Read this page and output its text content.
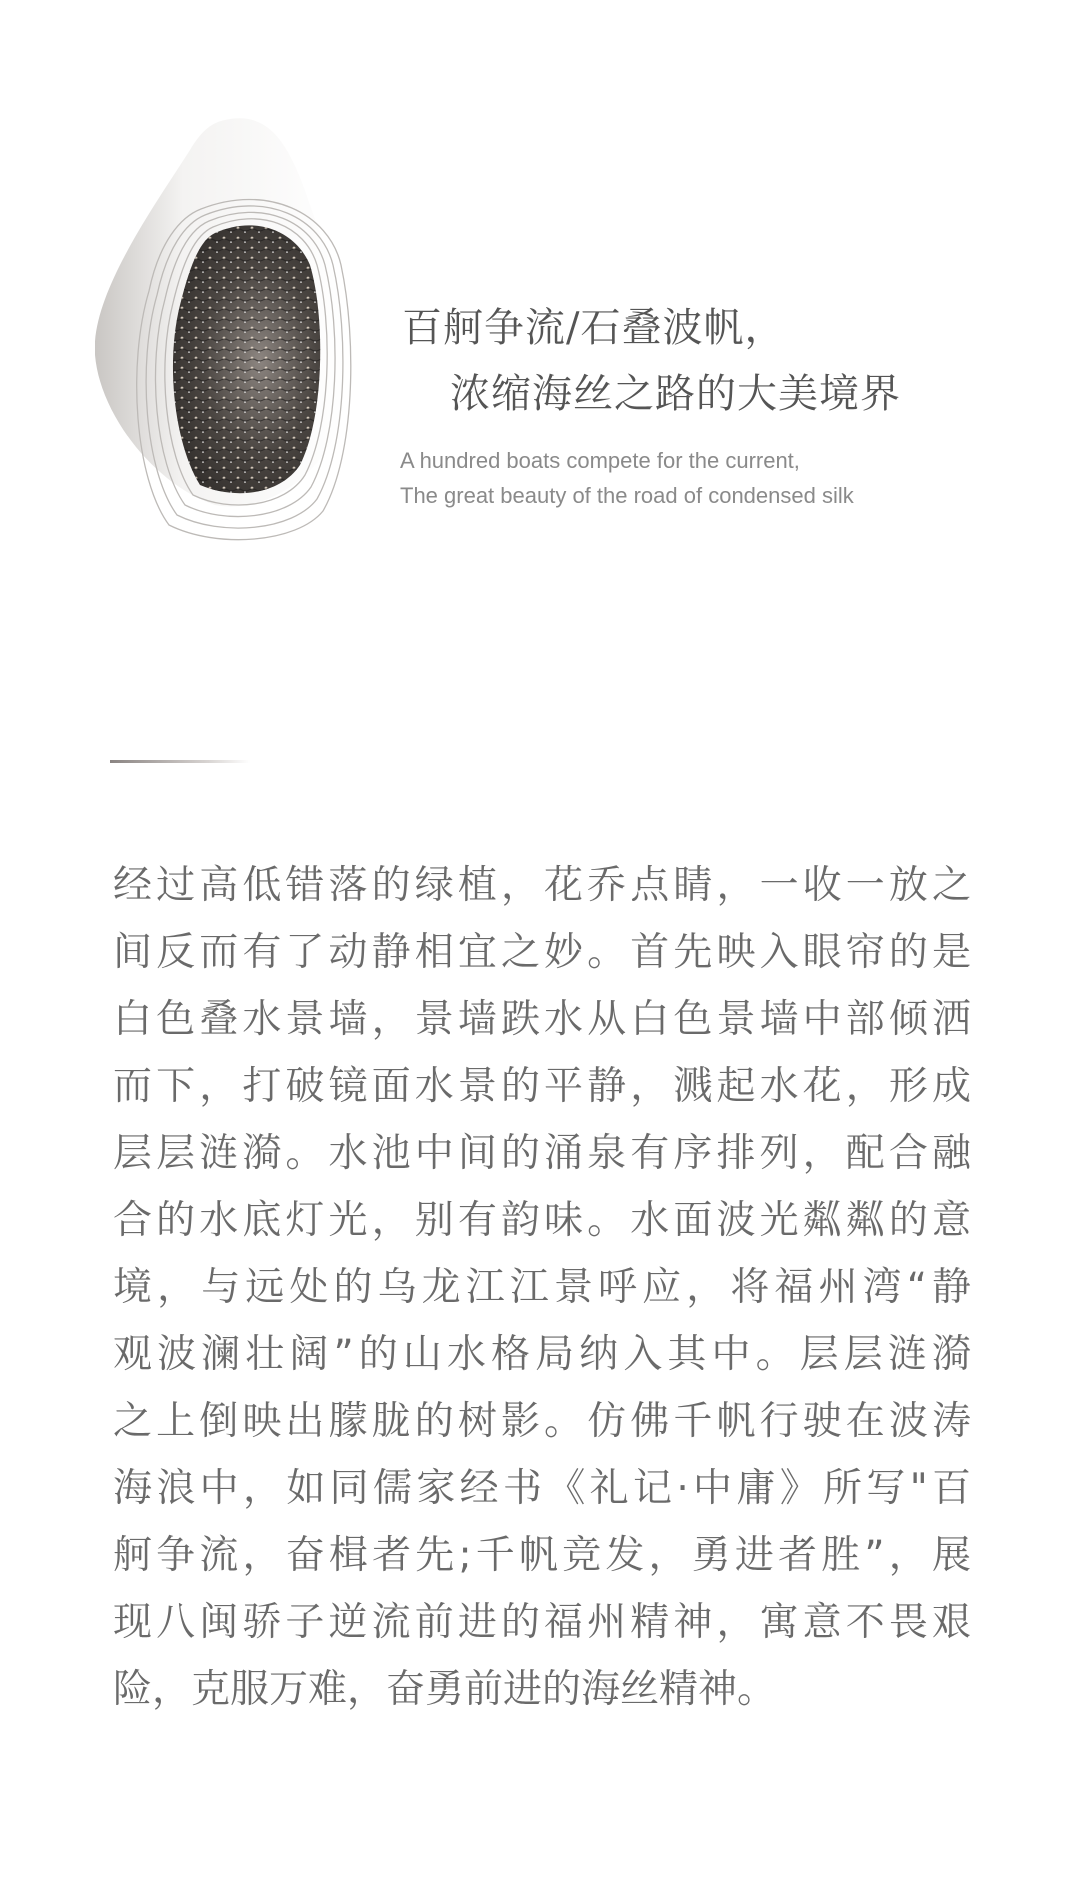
百舸争流/石叠波帆，
浓缩海丝之路的大美境界
A hundred boats compete for the current,
The great beauty of the road of condensed silk
经过高低错落的绿植，花乔点睛，一收一放之
间反而有了动静相宜之妙。首先映入眼帘的是
白色叠水景墙，景墙跌水从白色景墙中部倾洒
而下，打破镜面水景的平静，溅起水花，形成
层层涟漪。水池中间的涌泉有序排列，配合融
合的水底灯光，别有韵味。水面波光粼粼的意
境，与远处的乌龙江江景呼应，将福州湾“静
观波澜壮阔”的山水格局纳入其中。层层涟漪
之上倒映出朦胧的树影。仿佛千帆行驶在波涛
海浪中，如同儒家经书《礼记·中庸》所写"百
舸争流，奋楫者先;千帆竞发，勇进者胜”，展
现八闽骄子逆流前进的福州精神，寓意不畏艰
险，克服万难，奋勇前进的海丝精神。
